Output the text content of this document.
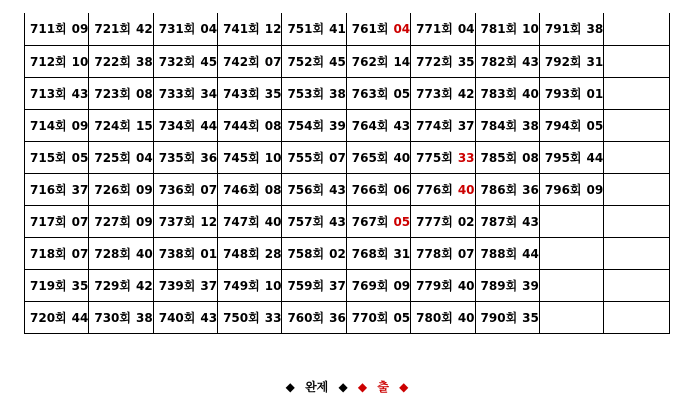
711회 09	721회 42	731회 04	741회 12	751회 41	761회 04	771회 04	781회 10	791회 38	
712회 10	722회 38	732회 45	742회 07	752회 45	762회 14	772회 35	782회 43	792회 31	
713회 43	723회 08	733회 34	743회 35	753회 38	763회 05	773회 42	783회 40	793회 01	
714회 09	724회 15	734회 44	744회 08	754회 39	764회 43	774회 37	784회 38	794회 05	
715회 05	725회 04	735회 36	745회 10	755회 07	765회 40	775회 33	785회 08	795회 44	
716회 37	726회 09	736회 07	746회 08	756회 43	766회 06	776회 40	786회 36	796회 09	
717회 07	727회 09	737회 12	747회 40	757회 43	767회 05	777회 02	787회 43		
718회 07	728회 40	738회 01	748회 28	758회 02	768회 31	778회 07	788회 44		
719회 35	729회 42	739회 37	749회 10	759회 37	769회 09	779회 40	789회 39		
720회 44	730회 38	740회 43	750회 33	760회 36	770회 05	780회 40	790회 35		
◆ 완제 ◆ ◆ 출 ◆
